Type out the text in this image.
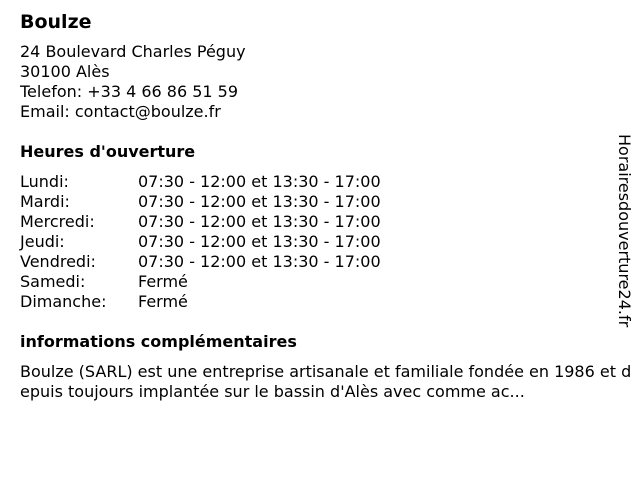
Boulze
24 Boulevard Charles Péguy
30100 Alès
Telefon: +33 4 66 86 51 59
Email: contact@boulze.fr
Heures d'ouverture
Lundi:	07:30 - 12:00 et 13:30 - 17:00
Mardi:	07:30 - 12:00 et 13:30 - 17:00
Mercredi:	07:30 - 12:00 et 13:30 - 17:00
Jeudi:	07:30 - 12:00 et 13:30 - 17:00
Vendredi:	07:30 - 12:00 et 13:30 - 17:00
Samedi:	Fermé
Dimanche:	Fermé
informations complémentaires
Boulze (SARL) est une entreprise artisanale et familiale fondée en 1986 et depuis toujours implantée sur le bassin d'Alès avec comme ac...
Horairesdouverture24.fr
